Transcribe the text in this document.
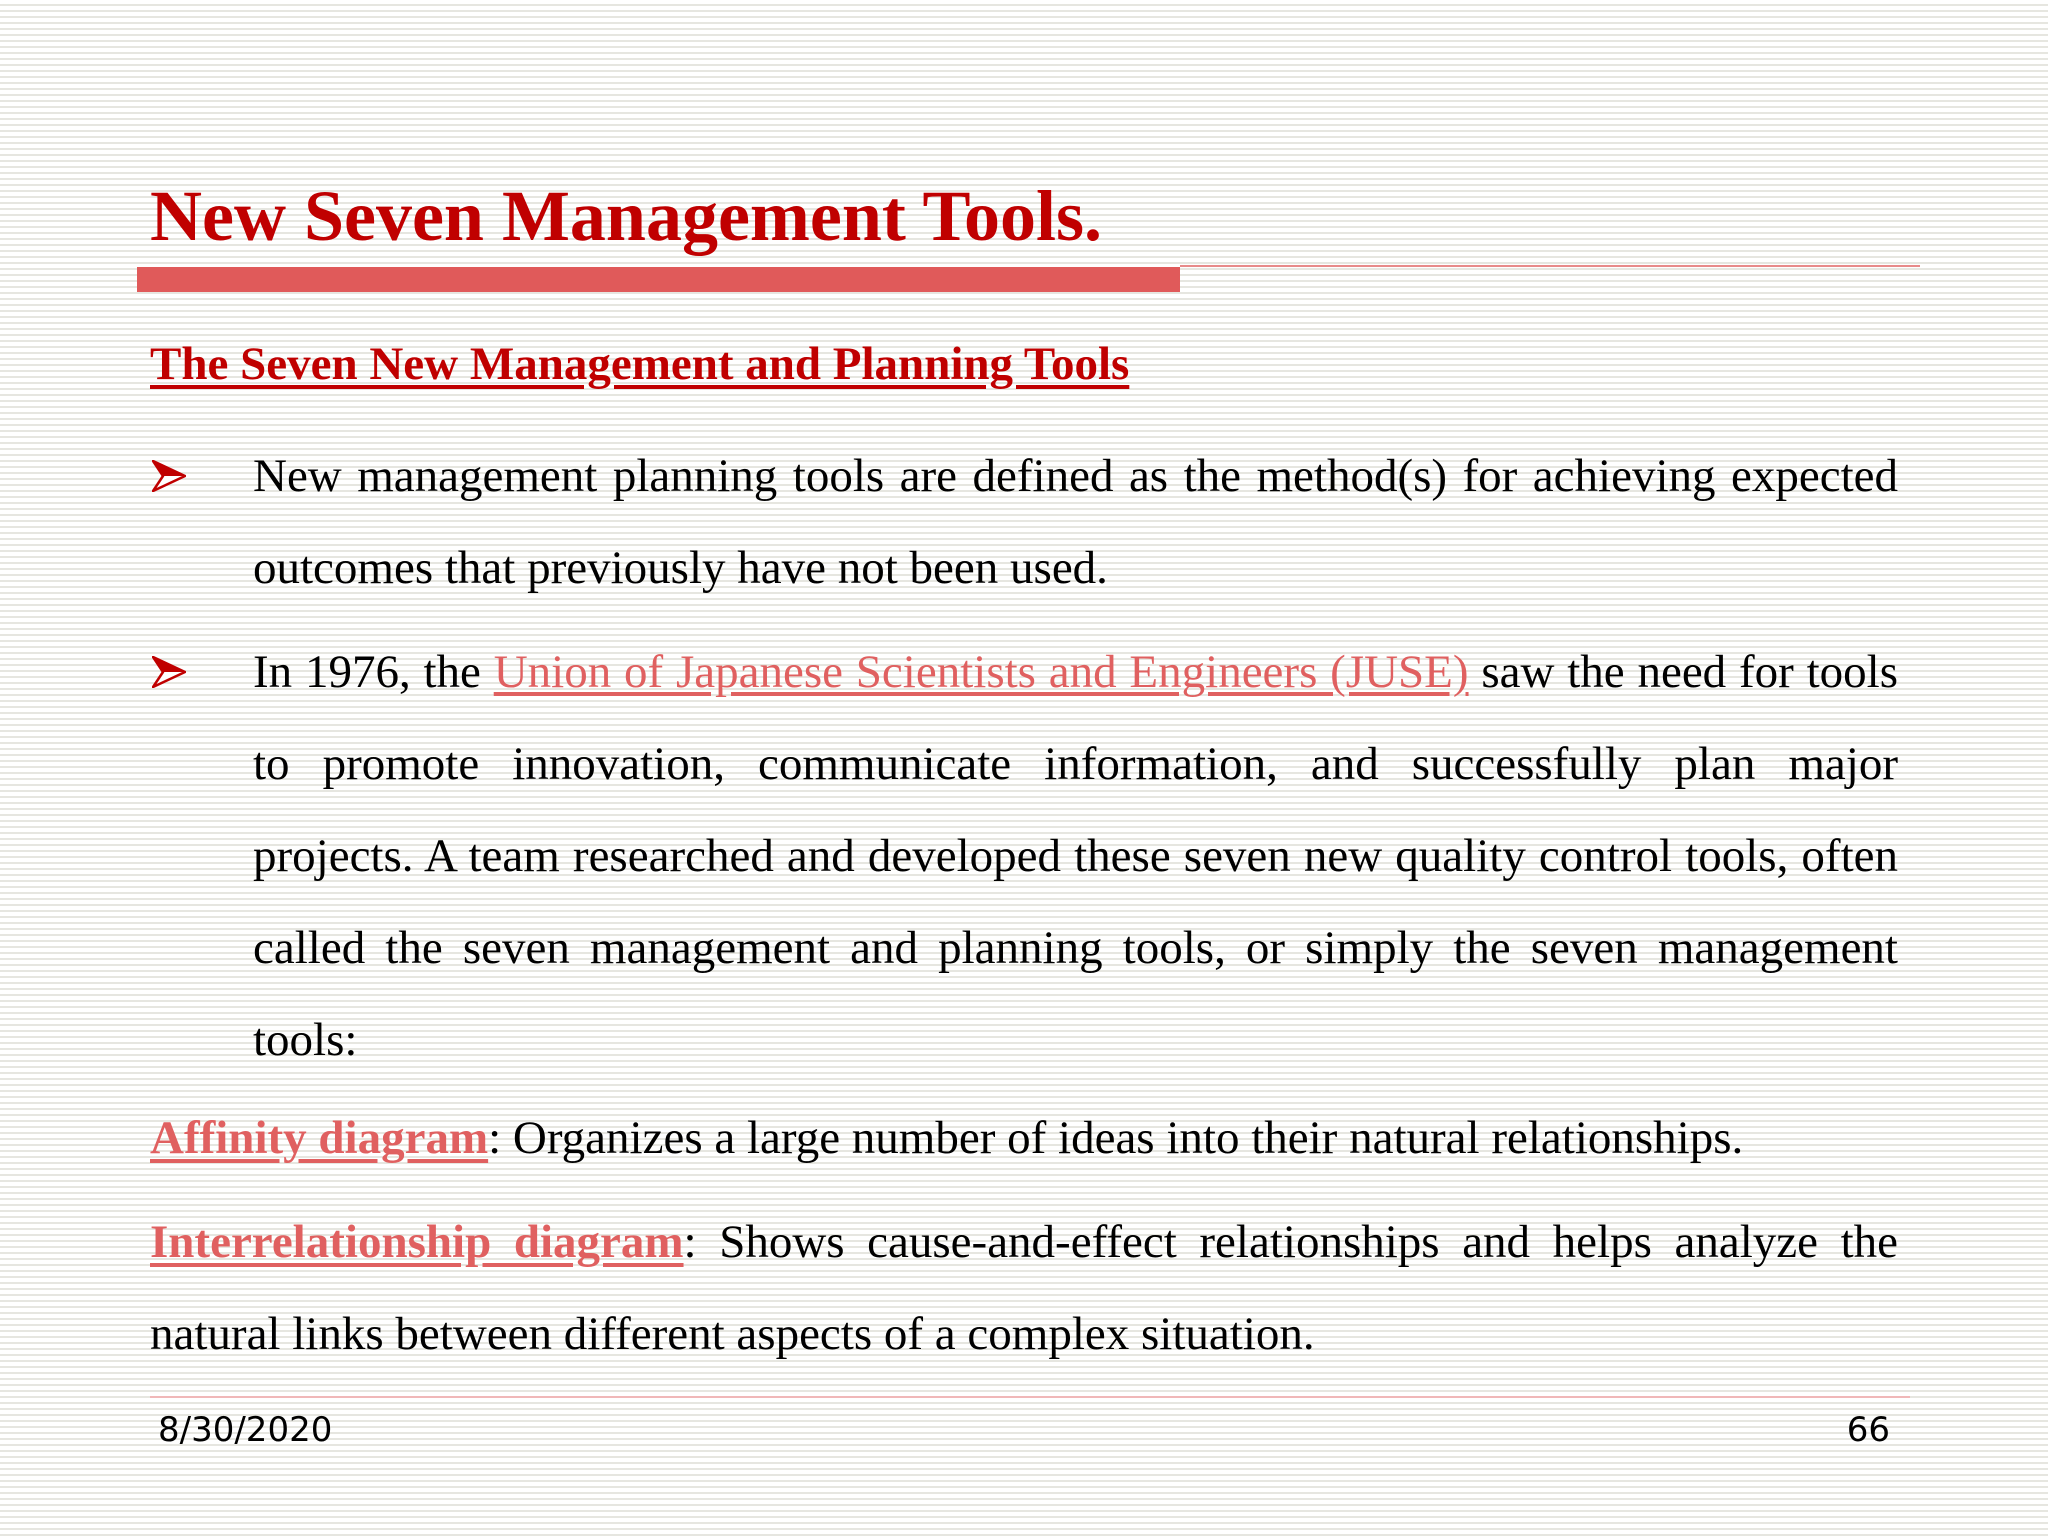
New Seven Management Tools.
The Seven New Management and Planning Tools
New management planning tools are defined as the method(s) for achieving expected outcomes that previously have not been used.
In 1976, the Union of Japanese Scientists and Engineers (JUSE) saw the need for tools to promote innovation, communicate information, and successfully plan major projects. A team researched and developed these seven new quality control tools, often called the seven management and planning tools, or simply the seven management tools:

Affinity diagram: Organizes a large number of ideas into their natural relationships.

Interrelationship diagram: Shows cause-and-effect relationships and helps analyze the natural links between different aspects of a complex situation.

8/30/2020	66
